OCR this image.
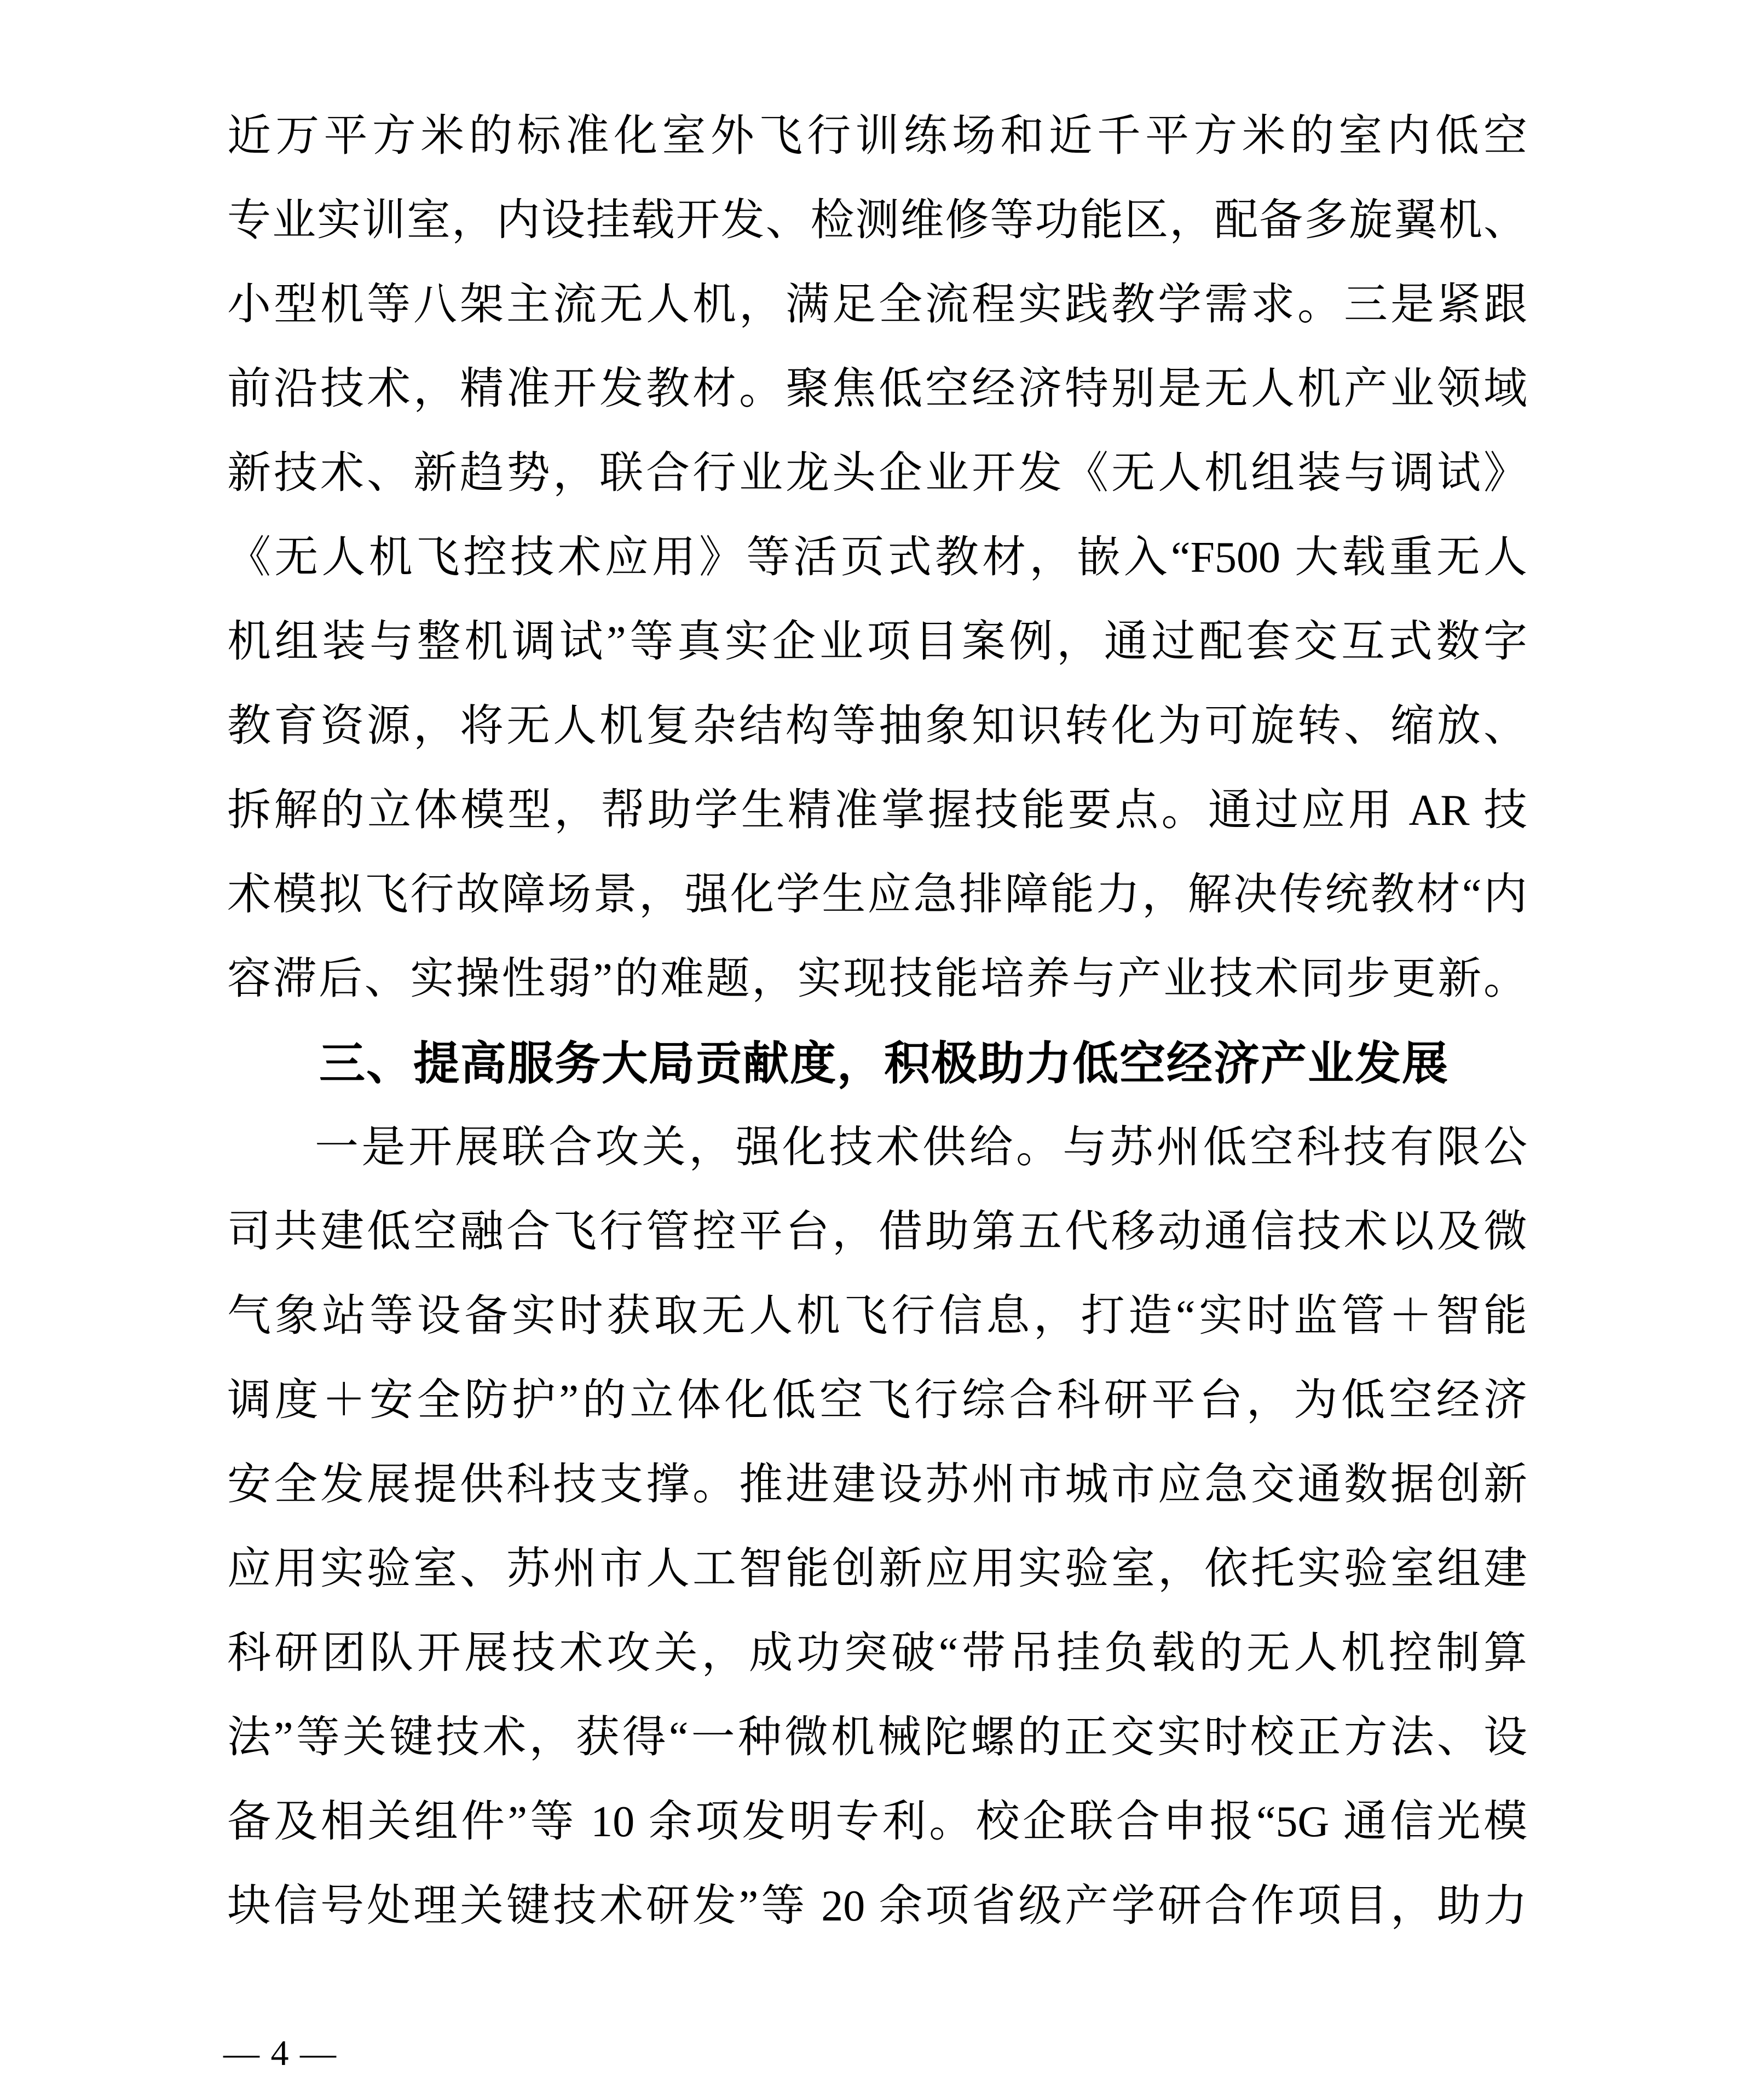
近万平方米的标准化室外飞行训练场和近千平方米的室内低空
专业实训室，内设挂载开发、检测维修等功能区，配备多旋翼机、
小型机等八架主流无人机，满足全流程实践教学需求。三是紧跟
前沿技术，精准开发教材。聚焦低空经济特别是无人机产业领域
新技术、新趋势，联合行业龙头企业开发《无人机组装与调试》
《无人机飞控技术应用》等活页式教材，嵌入“F500 大载重无人
机组装与整机调试”等真实企业项目案例，通过配套交互式数字
教育资源，将无人机复杂结构等抽象知识转化为可旋转、缩放、
拆解的立体模型，帮助学生精准掌握技能要点。通过应用 AR 技
术模拟飞行故障场景，强化学生应急排障能力，解决传统教材“内
容滞后、实操性弱”的难题，实现技能培养与产业技术同步更新。
三、提高服务大局贡献度，积极助力低空经济产业发展
一是开展联合攻关，强化技术供给。与苏州低空科技有限公
司共建低空融合飞行管控平台，借助第五代移动通信技术以及微
气象站等设备实时获取无人机飞行信息，打造“实时监管＋智能
调度＋安全防护”的立体化低空飞行综合科研平台，为低空经济
安全发展提供科技支撑。推进建设苏州市城市应急交通数据创新
应用实验室、苏州市人工智能创新应用实验室，依托实验室组建
科研团队开展技术攻关，成功突破“带吊挂负载的无人机控制算
法”等关键技术，获得“一种微机械陀螺的正交实时校正方法、设
备及相关组件”等 10 余项发明专利。校企联合申报“5G 通信光模
块信号处理关键技术研发”等 20 余项省级产学研合作项目，助力
— 4 —
